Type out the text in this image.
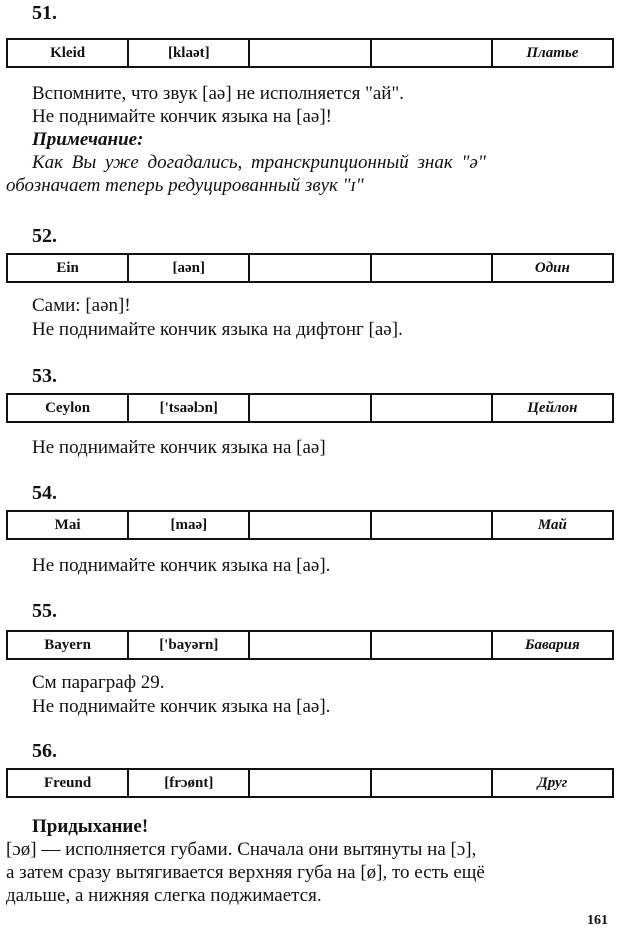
51.
Kleid	[klaət]			Платье
Вспомните, что звук [aə] не исполняется "ай".
Не поднимайте кончик языка на [aə]!
Примечание:
Как Вы уже догадались, транскрипционный знак "ə"
обозначает теперь редуцированный звук "ɪ"
52.
Ein	[aən]			Один
Сами: [aən]!
Не поднимайте кончик языка на дифтонг [aə].
53.
Ceylon	['tsaəlɔn]			Цейлон
Не поднимайте кончик языка на [aə]
54.
Mai	[maə]			Май
Не поднимайте кончик языка на [aə].
55.
Bayern	['bayərn]			Бавария
См параграф 29.
Не поднимайте кончик языка на [aə].
56.
Freund	[frɔønt]			Друг
Придыхание!
[ɔø] — исполняется губами. Сначала они вытянуты на [ɔ],
а затем сразу вытягивается верхняя губа на [ø], то есть ещё
дальше, а нижняя слегка поджимается.
161
